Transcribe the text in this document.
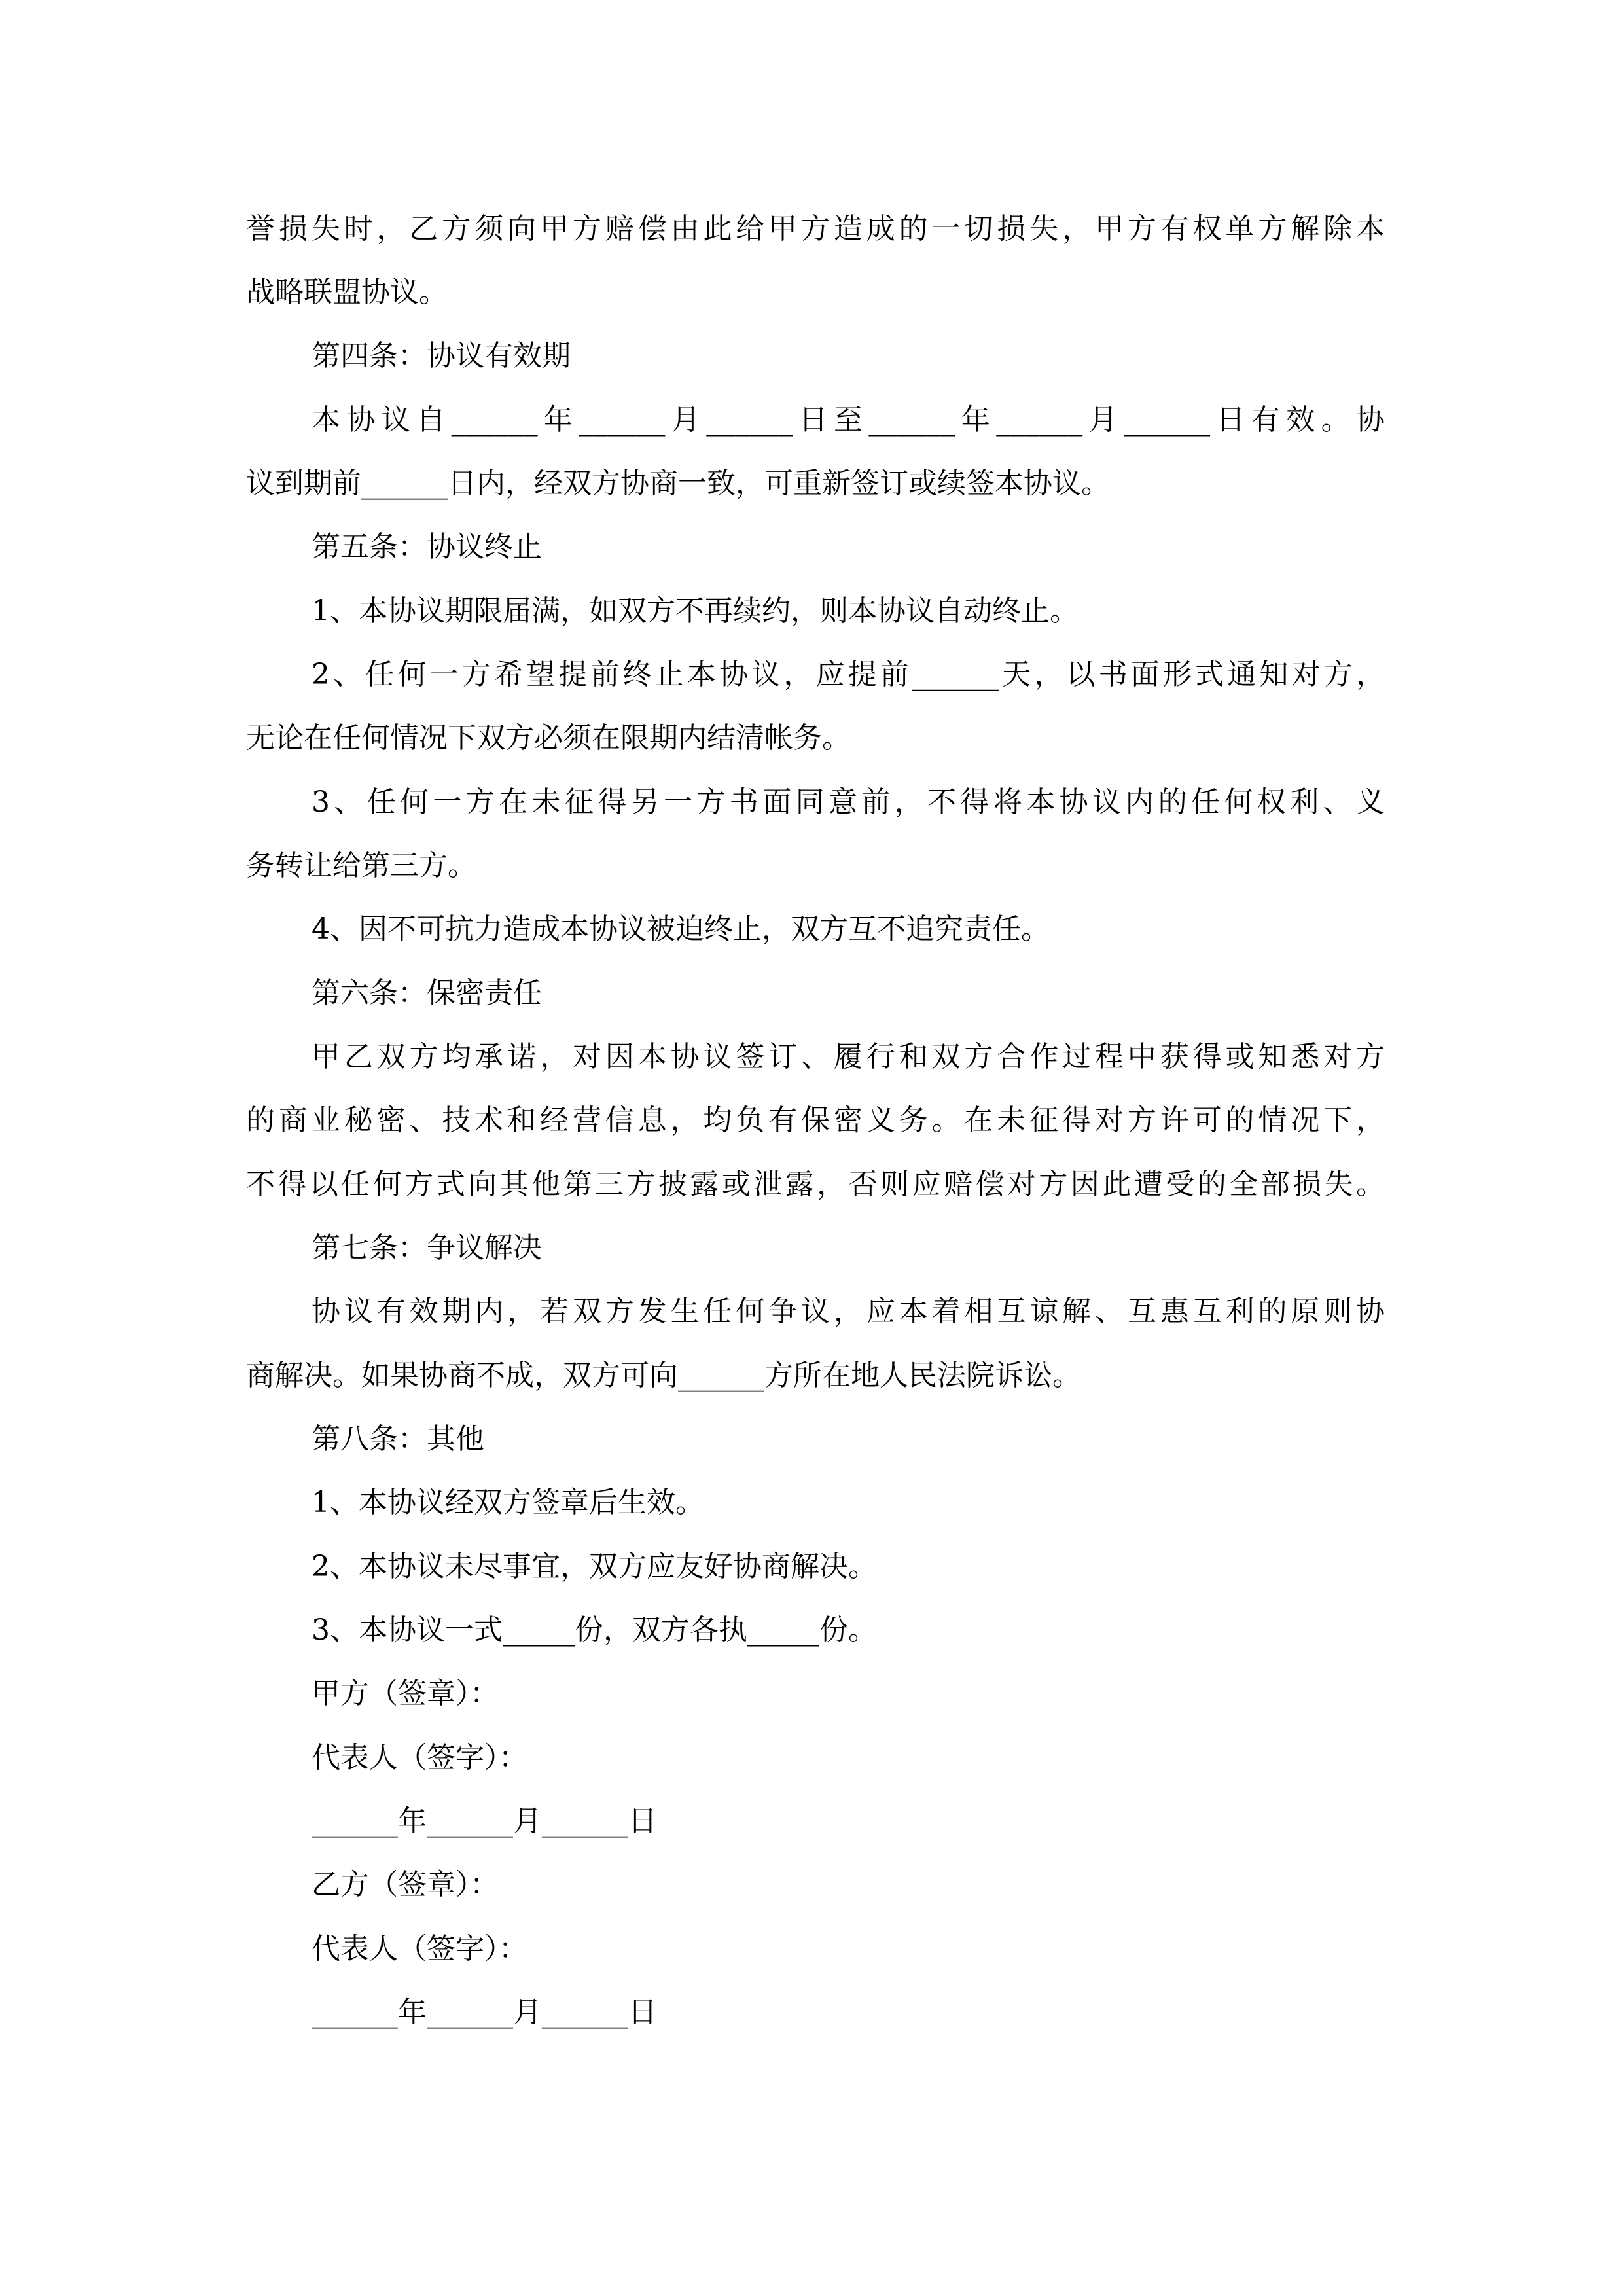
誉损失时，乙方须向甲方赔偿由此给甲方造成的一切损失，甲方有权单方解除本
战略联盟协议。
第四条：协议有效期
本协议自______年______月______日至______年______月______日有效。协
议到期前______日内，经双方协商一致，可重新签订或续签本协议。
第五条：协议终止
1、本协议期限届满，如双方不再续约，则本协议自动终止。
2、任何一方希望提前终止本协议，应提前______天，以书面形式通知对方，
无论在任何情况下双方必须在限期内结清帐务。
3、任何一方在未征得另一方书面同意前，不得将本协议内的任何权利、义
务转让给第三方。
4、因不可抗力造成本协议被迫终止，双方互不追究责任。
第六条：保密责任
甲乙双方均承诺，对因本协议签订、履行和双方合作过程中获得或知悉对方
的商业秘密、技术和经营信息，均负有保密义务。在未征得对方许可的情况下，
不得以任何方式向其他第三方披露或泄露，否则应赔偿对方因此遭受的全部损失。
第七条：争议解决
协议有效期内，若双方发生任何争议，应本着相互谅解、互惠互利的原则协
商解决。如果协商不成，双方可向______方所在地人民法院诉讼。
第八条：其他
1、本协议经双方签章后生效。
2、本协议未尽事宜，双方应友好协商解决。
3、本协议一式_____份，双方各执_____份。
甲方（签章）：
代表人（签字）：
______年______月______日
乙方（签章）：
代表人（签字）：
______年______月______日
